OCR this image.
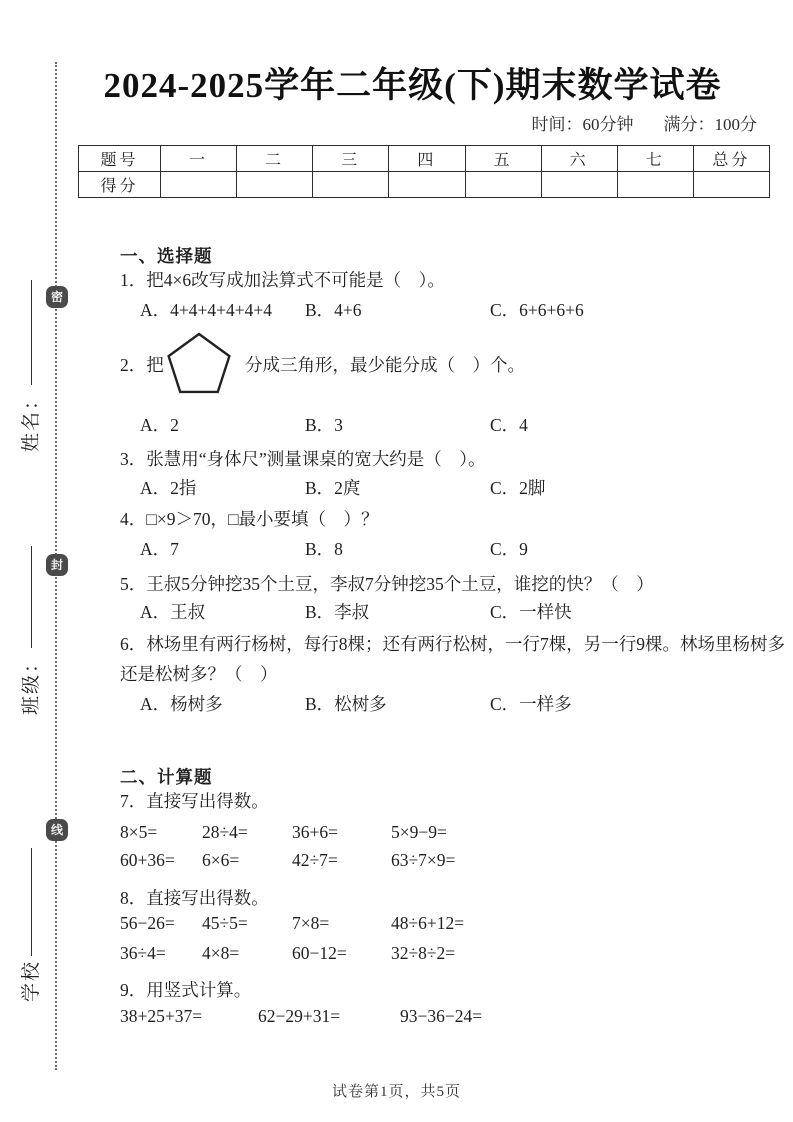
密
封
线
姓名：
班级：
学校
2024-2025学年二年级(下)期末数学试卷
时间：60分钟 满分：100分
题号	一	二	三	四	五	六	七	总分
得分								
一、选择题
1．把4×6改写成加法算式不可能是（　）。
A．4+4+4+4+4+4	B．4+6	C．6+6+6+6
2．把	分成三角形，最少能分成（　）个。
A．2	B．3	C．4
3．张慧用“身体尺”测量课桌的宽大约是（　）。
A．2指	B．2庹	C．2脚
4．□×9＞70，□最小要填（　）？
A．7	B．8	C．9
5．王叔5分钟挖35个土豆，李叔7分钟挖35个土豆，谁挖的快？（　）
A．王叔	B．李叔	C．一样快
6．林场里有两行杨树，每行8棵；还有两行松树，一行7棵，另一行9棵。林场里杨树多
还是松树多？（　）
A．杨树多	B．松树多	C．一样多
二、计算题
7．直接写出得数。
8×5=	28÷4=	36+6=	5×9−9=
60+36=	6×6=	42÷7=	63÷7×9=
8．直接写出得数。
56−26=	45÷5=	7×8=	48÷6+12=
36÷4=	4×8=	60−12=	32÷8÷2=
9．用竖式计算。
38+25+37=	62−29+31=	93−36−24=
试卷第1页，共5页
